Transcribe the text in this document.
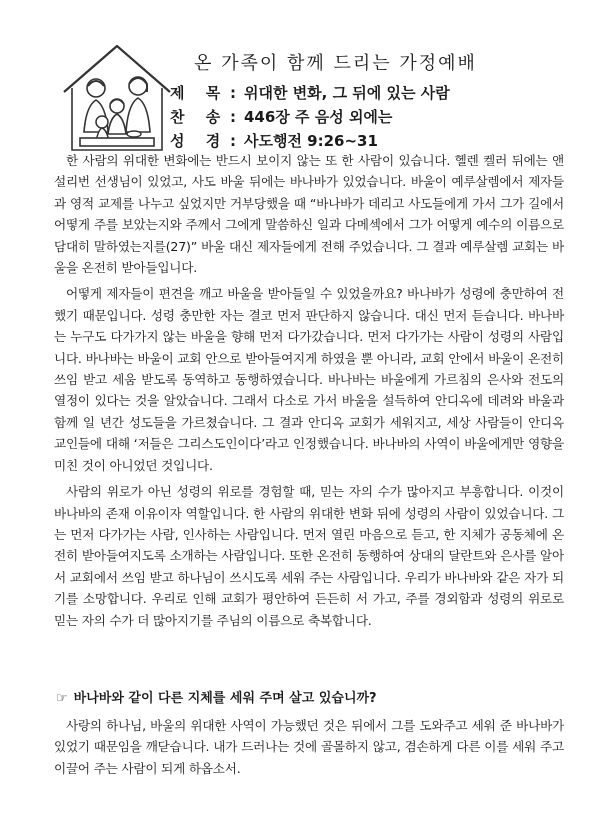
온 가족이 함께 드리는 가정예배
제 목 : 위대한 변화, 그 뒤에 있는 사람
찬 송 : 446장 주 음성 외에는
성 경 : 사도행전 9:26~31

한 사람의 위대한 변화에는 반드시 보이지 않는 또 한 사람이 있습니다. 헬렌 켈러 뒤에는 앤 설리번 선생님이 있었고, 사도 바울 뒤에는 바나바가 있었습니다. 바울이 예루살렘에서 제자들과 영적 교제를 나누고 싶었지만 거부당했을 때 “바나바가 데리고 사도들에게 가서 그가 길에서 어떻게 주를 보았는지와 주께서 그에게 말씀하신 일과 다메섹에서 그가 어떻게 예수의 이름으로 담대히 말하였는지를(27)” 바울 대신 제자들에게 전해 주었습니다. 그 결과 예루살렘 교회는 바울을 온전히 받아들입니다.

어떻게 제자들이 편견을 깨고 바울을 받아들일 수 있었을까요? 바나바가 성령에 충만하여 전했기 때문입니다. 성령 충만한 자는 결코 먼저 판단하지 않습니다. 대신 먼저 듣습니다. 바나바는 누구도 다가가지 않는 바울을 향해 먼저 다가갔습니다. 먼저 다가가는 사람이 성령의 사람입니다. 바나바는 바울이 교회 안으로 받아들여지게 하였을 뿐 아니라, 교회 안에서 바울이 온전히 쓰임 받고 세움 받도록 동역하고 동행하였습니다. 바나바는 바울에게 가르침의 은사와 전도의 열정이 있다는 것을 알았습니다. 그래서 다소로 가서 바울을 설득하여 안디옥에 데려와 바울과 함께 일 년간 성도들을 가르쳤습니다. 그 결과 안디옥 교회가 세워지고, 세상 사람들이 안디옥 교인들에 대해 ‘저들은 그리스도인이다’라고 인정했습니다. 바나바의 사역이 바울에게만 영향을 미친 것이 아니었던 것입니다.

사람의 위로가 아닌 성령의 위로를 경험할 때, 믿는 자의 수가 많아지고 부흥합니다. 이것이 바나바의 존재 이유이자 역할입니다. 한 사람의 위대한 변화 뒤에 성령의 사람이 있었습니다. 그는 먼저 다가가는 사람, 인사하는 사람입니다. 먼저 열린 마음으로 듣고, 한 지체가 공동체에 온전히 받아들여지도록 소개하는 사람입니다. 또한 온전히 동행하여 상대의 달란트와 은사를 알아서 교회에서 쓰임 받고 하나님이 쓰시도록 세워 주는 사람입니다. 우리가 바나바와 같은 자가 되기를 소망합니다. 우리로 인해 교회가 평안하여 든든히 서 가고, 주를 경외함과 성령의 위로로 믿는 자의 수가 더 많아지기를 주님의 이름으로 축복합니다.

☞ 바나바와 같이 다른 지체를 세워 주며 살고 있습니까?

사랑의 하나님, 바울의 위대한 사역이 가능했던 것은 뒤에서 그를 도와주고 세워 준 바나바가 있었기 때문임을 깨닫습니다. 내가 드러나는 것에 골몰하지 않고, 겸손하게 다른 이를 세워 주고 이끌어 주는 사람이 되게 하옵소서.
